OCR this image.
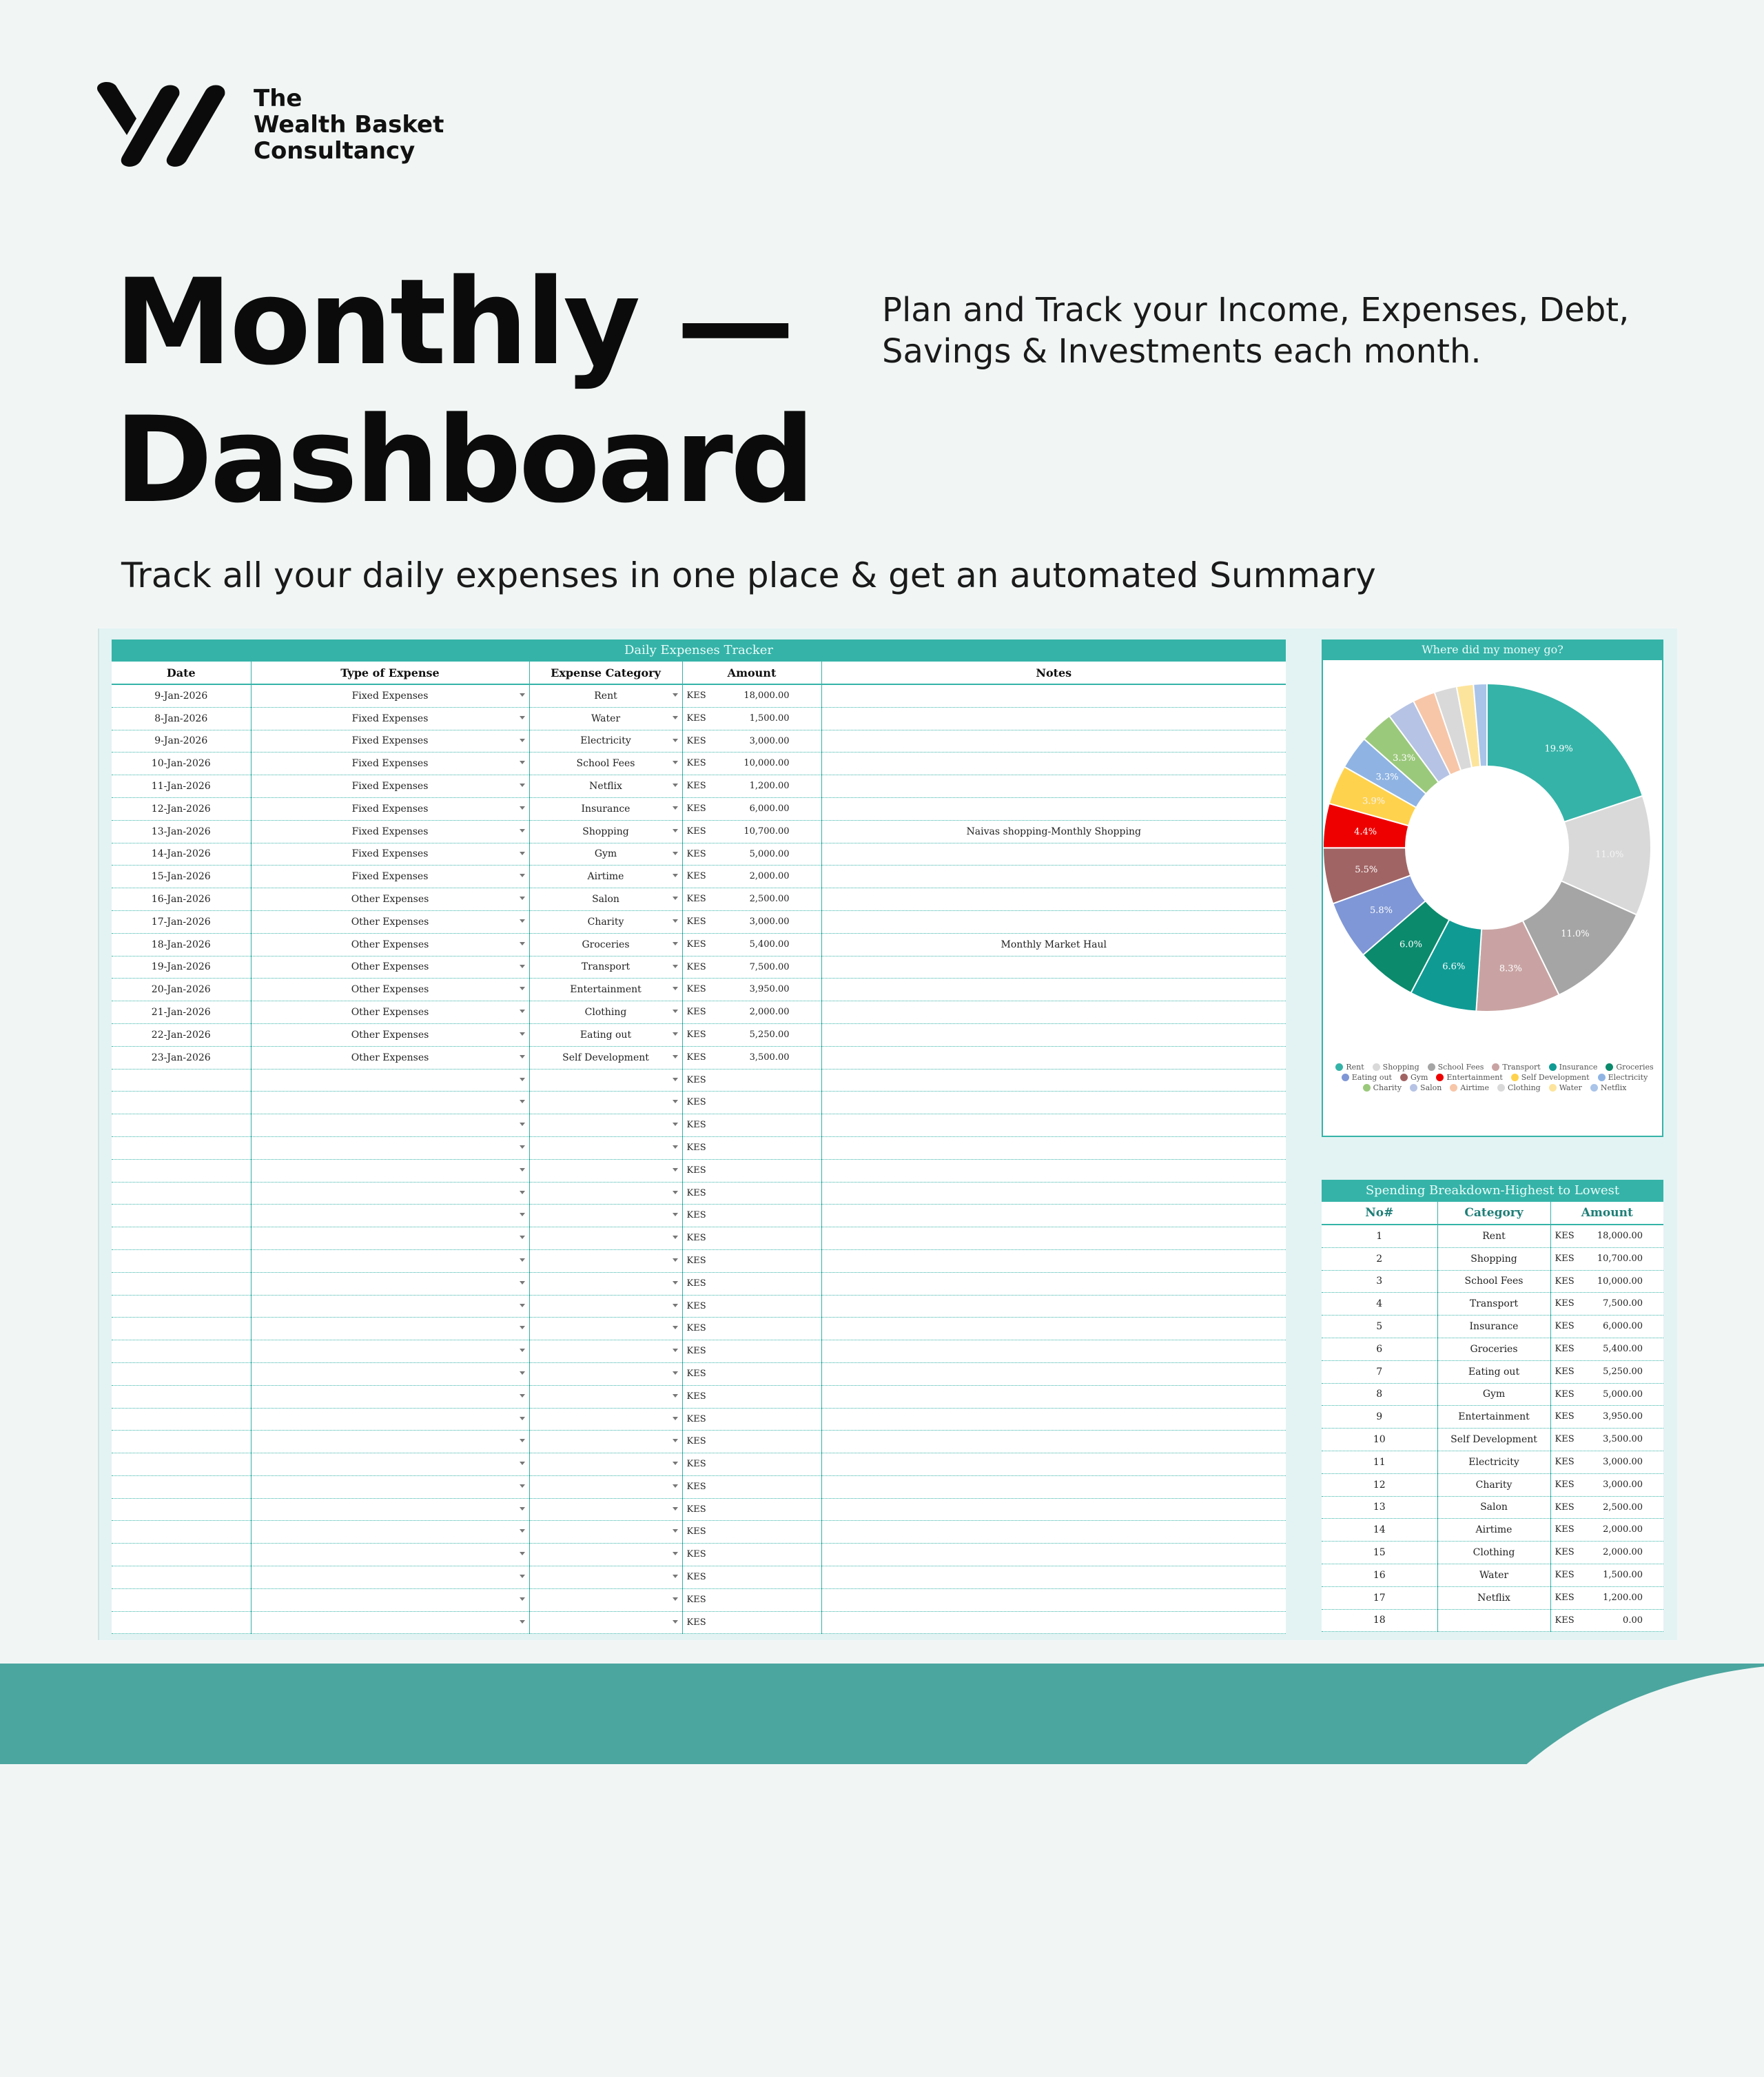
The
Wealth Basket
Consultancy
Monthly —
Dashboard
Plan and Track your Income, Expenses, Debt,
Savings & Investments each month.
Track all your daily expenses in one place & get an automated Summary
Daily Expenses Tracker
Date	Type of Expense	Expense Category	Amount	Notes
9-Jan-2026	Fixed Expenses	Rent	KES 18,000.00	

8-Jan-2026	Fixed Expenses	Water	KES 1,500.00	

9-Jan-2026	Fixed Expenses	Electricity	KES 3,000.00	

10-Jan-2026	Fixed Expenses	School Fees	KES 10,000.00	

11-Jan-2026	Fixed Expenses	Netflix	KES 1,200.00	

12-Jan-2026	Fixed Expenses	Insurance	KES 6,000.00	

13-Jan-2026	Fixed Expenses	Shopping	KES 10,700.00	Naivas shopping-Monthly Shopping
14-Jan-2026	Fixed Expenses	Gym	KES 5,000.00	

15-Jan-2026	Fixed Expenses	Airtime	KES 2,000.00	

16-Jan-2026	Other Expenses	Salon	KES 2,500.00	

17-Jan-2026	Other Expenses	Charity	KES 3,000.00	

18-Jan-2026	Other Expenses	Groceries	KES 5,400.00	Monthly Market Haul
19-Jan-2026	Other Expenses	Transport	KES 7,500.00	

20-Jan-2026	Other Expenses	Entertainment	KES 3,950.00	

21-Jan-2026	Other Expenses	Clothing	KES 2,000.00	

22-Jan-2026	Other Expenses	Eating out	KES 5,250.00	

23-Jan-2026	Other Expenses	Self Development	KES 3,500.00	

			KES	

			KES	

			KES	

			KES	

			KES	

			KES	

			KES	

			KES	

			KES	

			KES	

			KES	

			KES	

			KES	

			KES	

			KES	

			KES	

			KES	

			KES	

			KES	

			KES	

			KES	

			KES	

			KES	

			KES	

			KES	

Where did my money go?
19.9%
11.0%
11.0%
8.3%
6.6%
6.0%
5.8%
5.5%
4.4%
3.9%
3.3%
3.3%
Rent Shopping School Fees Transport Insurance Groceries
Eating out Gym Entertainment Self Development Electricity
Charity Salon Airtime Clothing Water Netflix
Spending Breakdown-Highest to Lowest
No#	Category	Amount
1	Rent	KES 18,000.00

2	Shopping	KES 10,700.00

3	School Fees	KES 10,000.00

4	Transport	KES 7,500.00

5	Insurance	KES 6,000.00

6	Groceries	KES 5,400.00

7	Eating out	KES 5,250.00

8	Gym	KES 5,000.00

9	Entertainment	KES 3,950.00

10	Self Development	KES 3,500.00

11	Electricity	KES 3,000.00

12	Charity	KES 3,000.00

13	Salon	KES 2,500.00

14	Airtime	KES 2,000.00

15	Clothing	KES 2,000.00

16	Water	KES 1,500.00

17	Netflix	KES 1,200.00

18		KES 0.00
